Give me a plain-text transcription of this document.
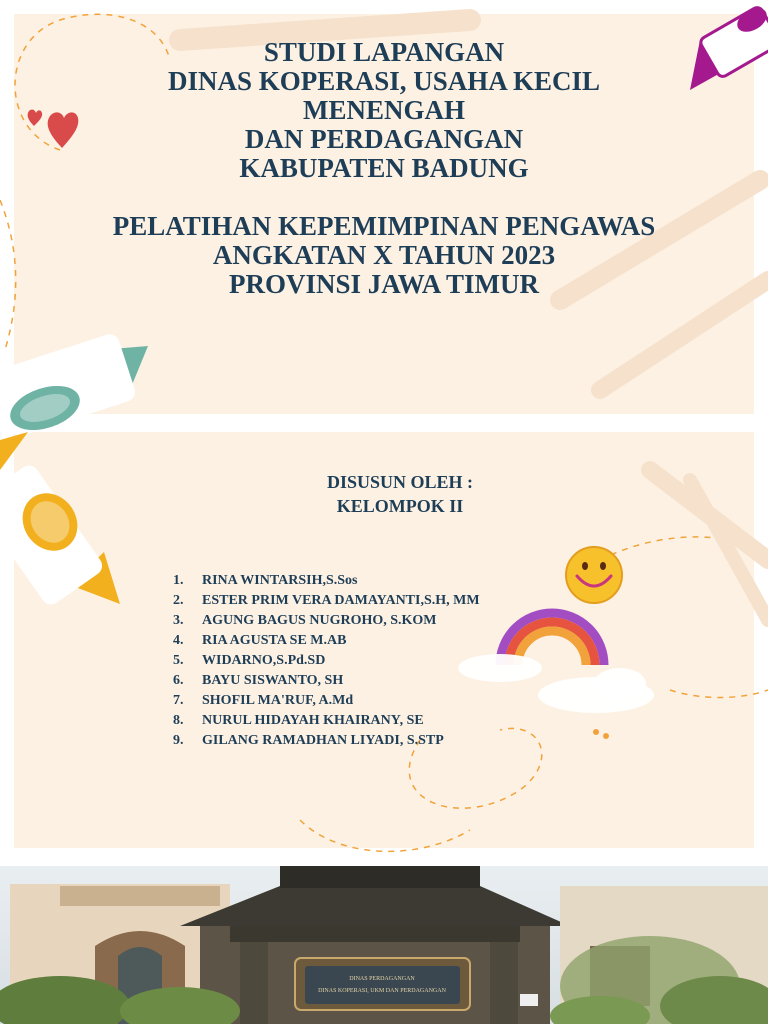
STUDI LAPANGAN
DINAS KOPERASI, USAHA KECIL
MENENGAH
DAN PERDAGANGAN
KABUPATEN BADUNG
PELATIHAN KEPEMIMPINAN PENGAWAS
ANGKATAN X TAHUN 2023
PROVINSI JAWA TIMUR
DISUSUN OLEH :
KELOMPOK II
1. RINA WINTARSIH,S.Sos
2. ESTER PRIM VERA DAMAYANTI,S.H, MM
3. AGUNG BAGUS NUGROHO, S.KOM
4. RIA AGUSTA SE M.AB
5. WIDARNO,S.Pd.SD
6. BAYU SISWANTO, SH
7. SHOFIL MA'RUF, A.Md
8. NURUL HIDAYAH KHAIRANY, SE
9. GILANG RAMADHAN LIYADI, S.STP
DINAS PERDAGANGAN
DINAS KOPERASI, UKM DAN PERDAGANGAN
